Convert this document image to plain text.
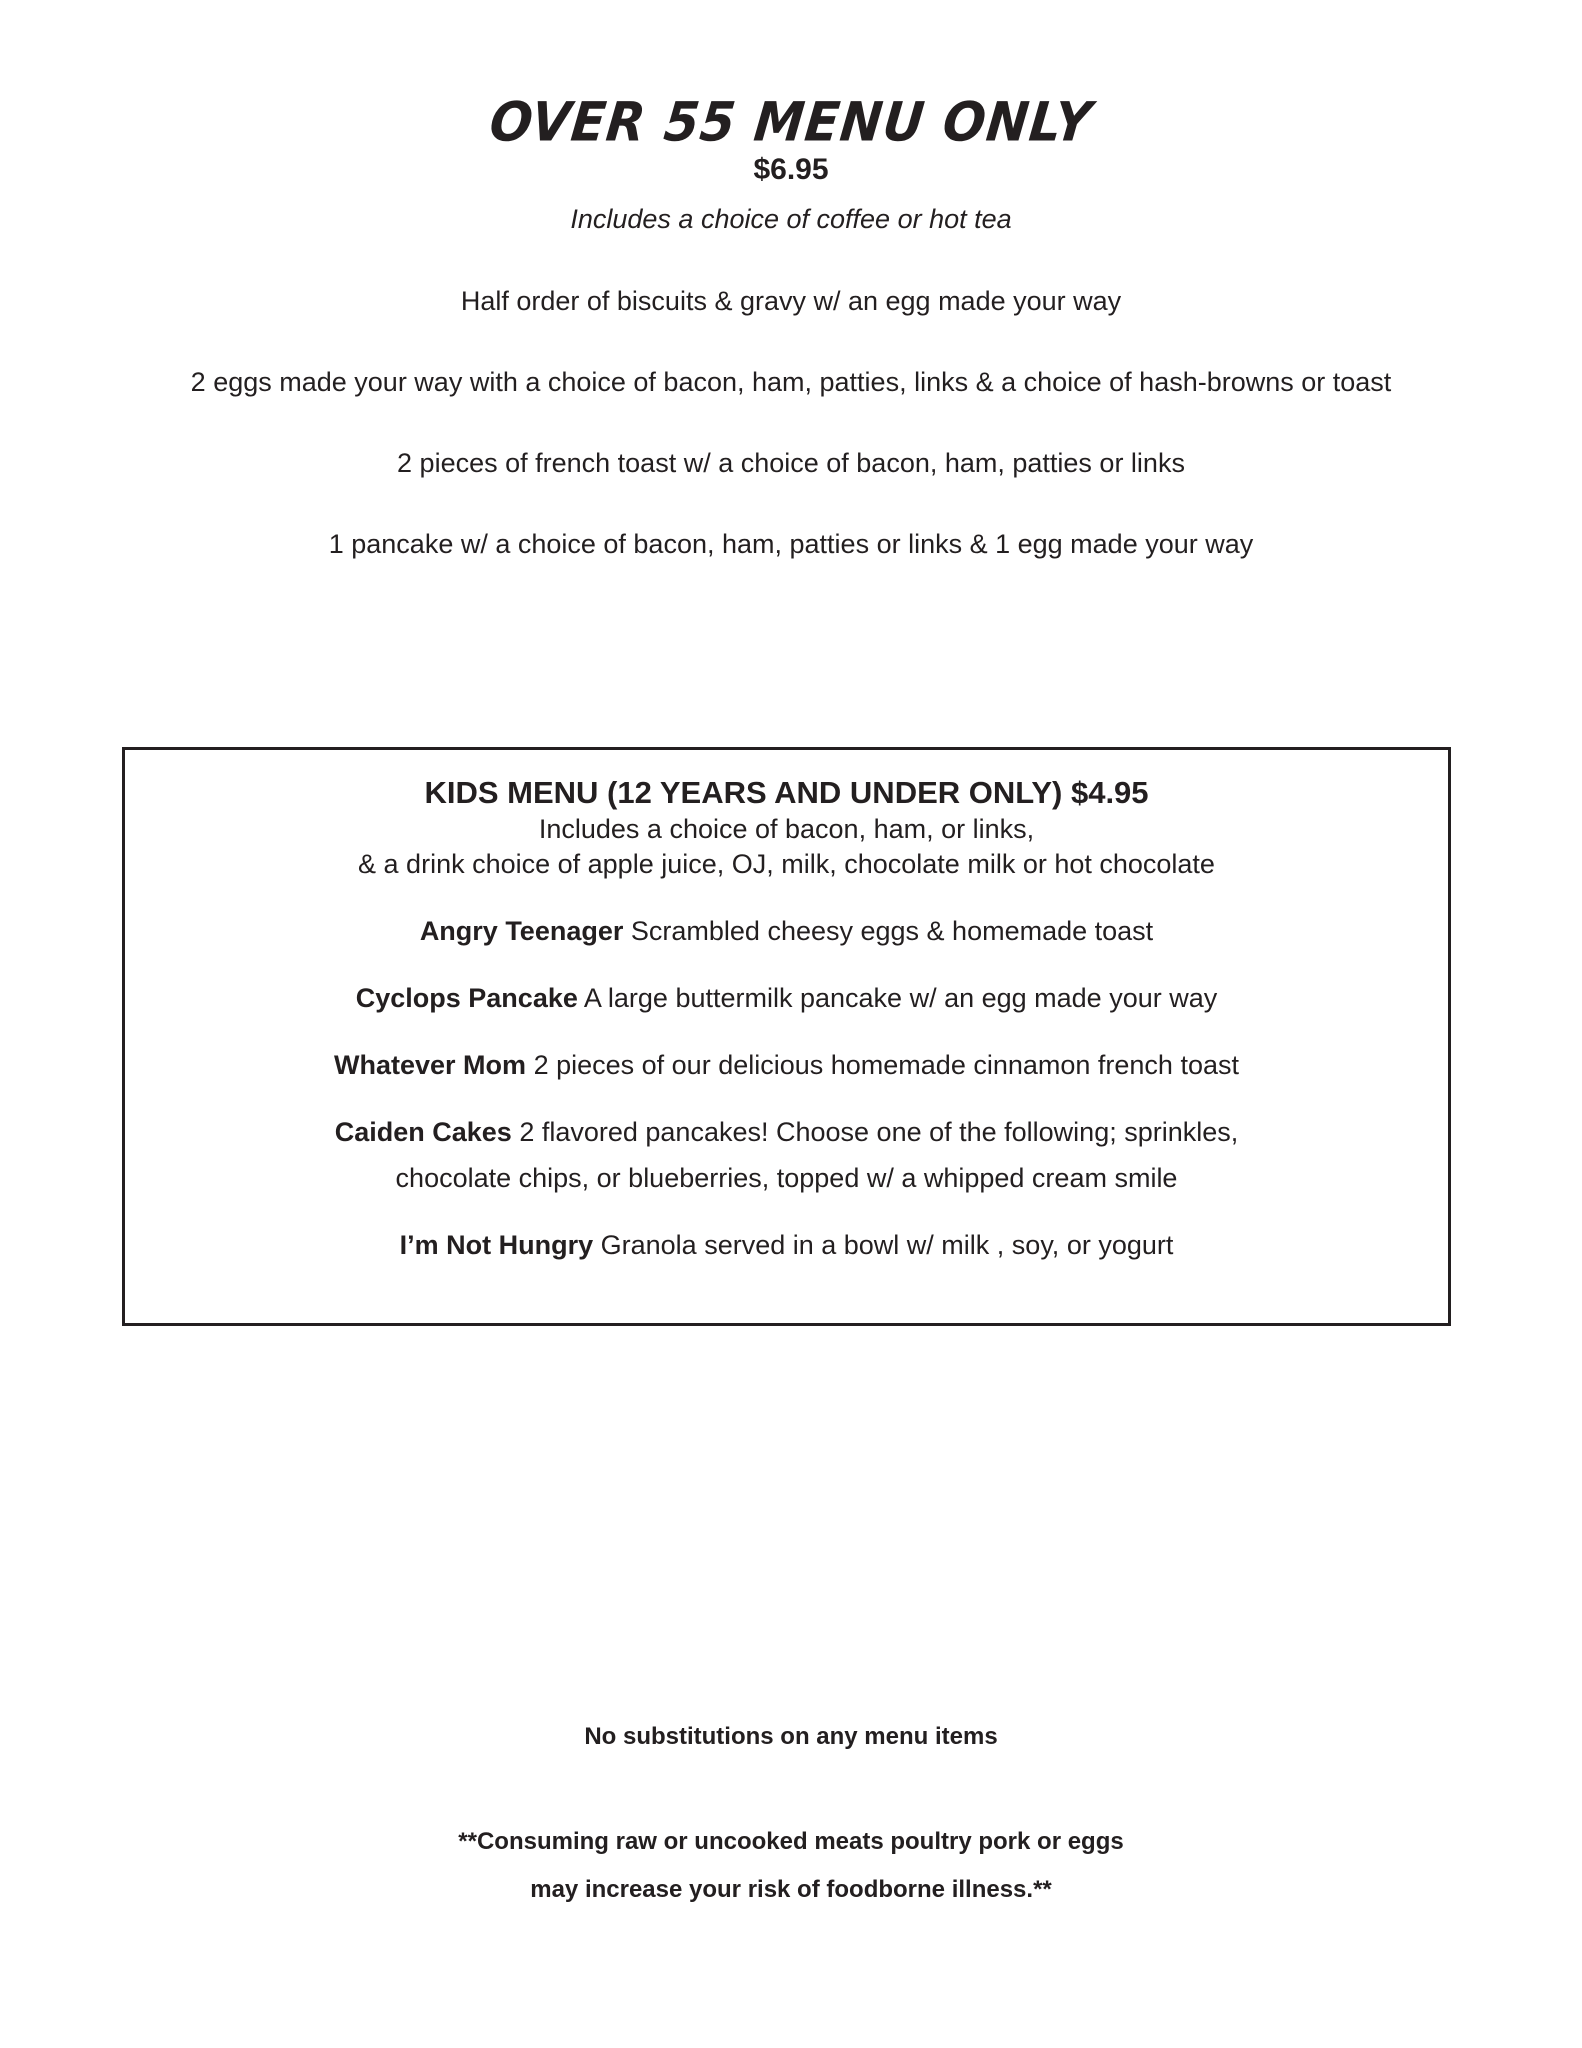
OVER 55 MENU ONLY
$6.95
Includes a choice of coffee or hot tea
Half order of biscuits & gravy w/ an egg made your way
2 eggs made your way with a choice of bacon, ham, patties, links & a choice of hash-browns or toast
2 pieces of french toast w/ a choice of bacon, ham, patties or links
1 pancake w/ a choice of bacon, ham, patties or links & 1 egg made your way
KIDS MENU (12 YEARS AND UNDER ONLY) $4.95
Includes a choice of bacon, ham, or links,
& a drink choice of apple juice, OJ, milk, chocolate milk or hot chocolate
Angry Teenager Scrambled cheesy eggs & homemade toast
Cyclops Pancake A large buttermilk pancake w/ an egg made your way
Whatever Mom 2 pieces of our delicious homemade cinnamon french toast
Caiden Cakes 2 flavored pancakes! Choose one of the following; sprinkles, chocolate chips, or blueberries, topped w/ a whipped cream smile
I’m Not Hungry Granola served in a bowl w/ milk , soy, or yogurt
No substitutions on any menu items
**Consuming raw or uncooked meats poultry pork or eggs
may increase your risk of foodborne illness.**
